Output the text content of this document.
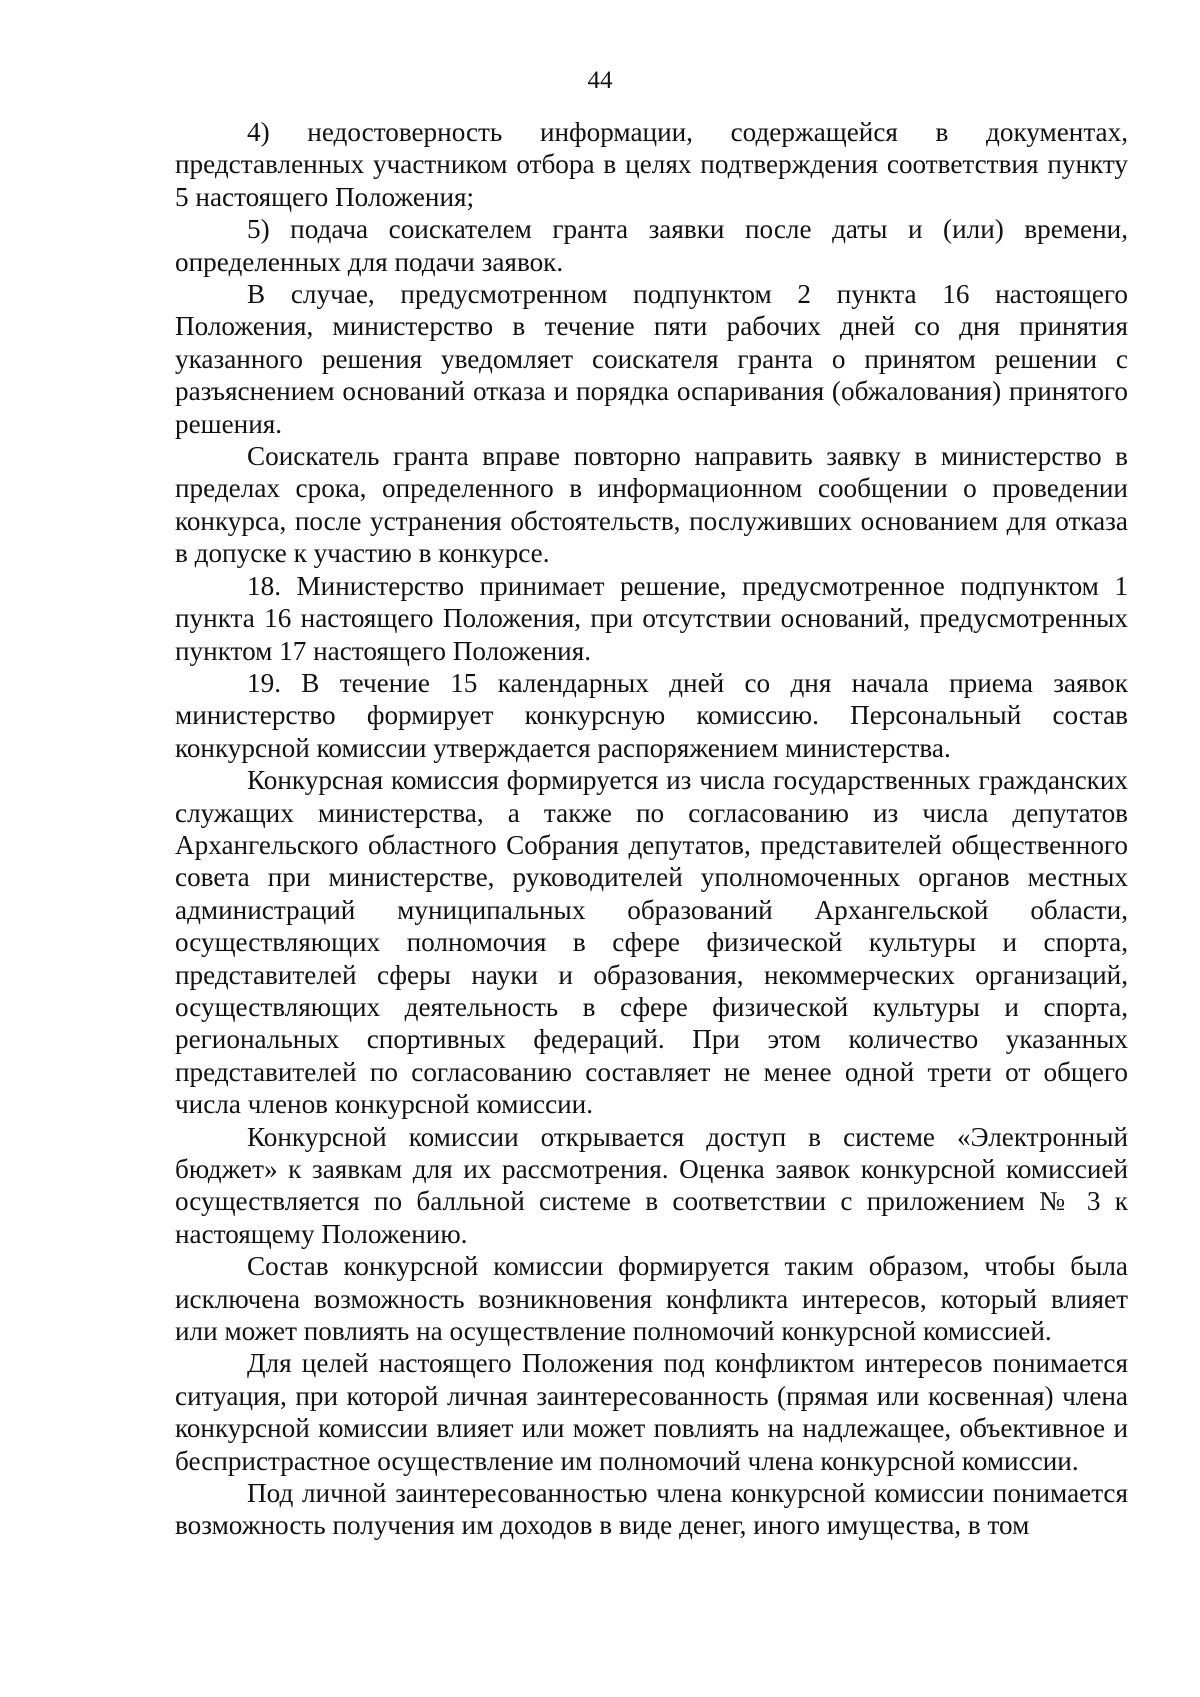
44

4) недостоверность информации, содержащейся в документах, представленных участником отбора в целях подтверждения соответствия пункту 5 настоящего Положения;

5) подача соискателем гранта заявки после даты и (или) времени, определенных для подачи заявок.

В случае, предусмотренном подпунктом 2 пункта 16 настоящего Положения, министерство в течение пяти рабочих дней со дня принятия указанного решения уведомляет соискателя гранта о принятом решении с разъяснением оснований отказа и порядка оспаривания (обжалования) принятого решения.

Соискатель гранта вправе повторно направить заявку в министерство в пределах срока, определенного в информационном сообщении о проведении конкурса, после устранения обстоятельств, послуживших основанием для отказа в допуске к участию в конкурсе.

18. Министерство принимает решение, предусмотренное подпунктом 1 пункта 16 настоящего Положения, при отсутствии оснований, предусмотренных пунктом 17 настоящего Положения.

19. В течение 15 календарных дней со дня начала приема заявок министерство формирует конкурсную комиссию. Персональный состав конкурсной комиссии утверждается распоряжением министерства.

Конкурсная комиссия формируется из числа государственных гражданских служащих министерства, а также по согласованию из числа депутатов Архангельского областного Собрания депутатов, представителей общественного совета при министерстве, руководителей уполномоченных органов местных администраций муниципальных образований Архангельской области, осуществляющих полномочия в сфере физической культуры и спорта, представителей сферы науки и образования, некоммерческих организаций, осуществляющих деятельность в сфере физической культуры и спорта, региональных спортивных федераций. При этом количество указанных представителей по согласованию составляет не менее одной трети от общего числа членов конкурсной комиссии.

Конкурсной комиссии открывается доступ в системе «Электронный бюджет» к заявкам для их рассмотрения. Оценка заявок конкурсной комиссией осуществляется по балльной системе в соответствии с приложением № 3 к настоящему Положению.

Состав конкурсной комиссии формируется таким образом, чтобы была исключена возможность возникновения конфликта интересов, который влияет или может повлиять на осуществление полномочий конкурсной комиссией.

Для целей настоящего Положения под конфликтом интересов понимается ситуация, при которой личная заинтересованность (прямая или косвенная) члена конкурсной комиссии влияет или может повлиять на надлежащее, объективное и беспристрастное осуществление им полномочий члена конкурсной комиссии.

Под личной заинтересованностью члена конкурсной комиссии понимается возможность получения им доходов в виде денег, иного имущества, в том
